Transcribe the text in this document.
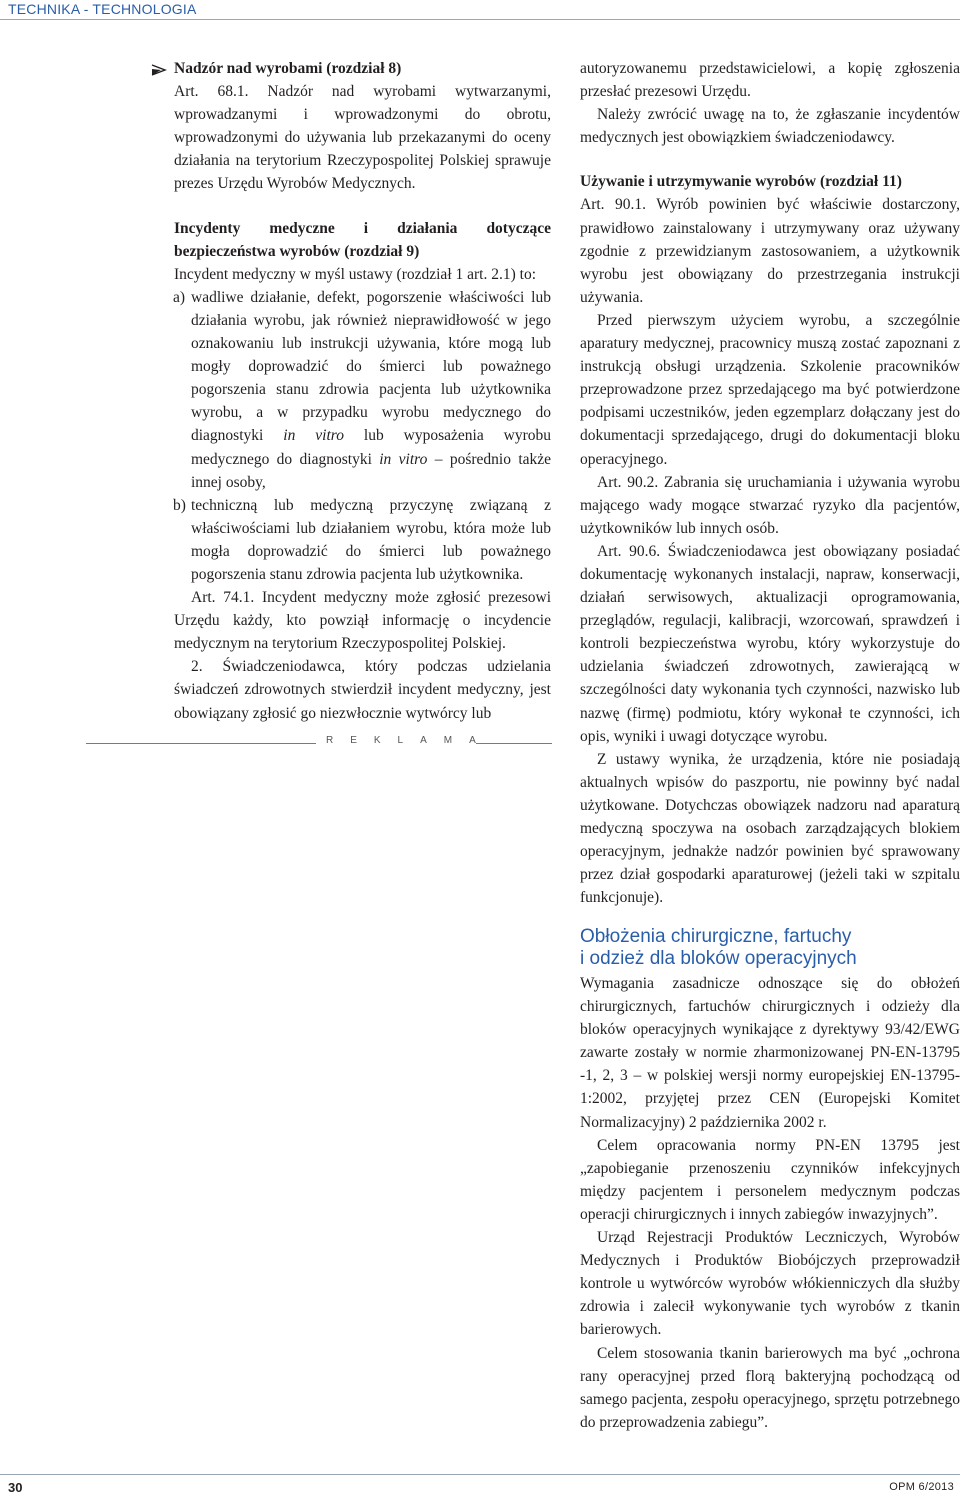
TECHNIKA - TECHNOLOGIA

Nadzór nad wyrobami (rozdział 8)

Art. 68.1. Nadzór nad wyrobami wytwarzanymi, wprowadzanymi i wprowadzonymi do obrotu, wprowadzonymi do używania lub przekazanymi do oceny działania na terytorium Rzeczypospolitej Polskiej sprawuje prezes Urzędu Wyrobów Medycznych.

Incydenty medyczne i działania dotyczące bezpieczeństwa wyrobów (rozdział 9)

Incydent medyczny w myśl ustawy (rozdział 1 art. 2.1) to:

a) wadliwe działanie, defekt, pogorszenie właściwości lub działania wyrobu, jak również nieprawidłowość w jego oznakowaniu lub instrukcji używania, które mogą lub mogły doprowadzić do śmierci lub poważnego pogorszenia stanu zdrowia pacjenta lub użytkownika wyrobu, a w przypadku wyrobu medycznego do diagnostyki in vitro lub wyposażenia wyrobu medycznego do diagnostyki in vitro – pośrednio także innej osoby,
b) techniczną lub medyczną przyczynę związaną z właściwościami lub działaniem wyrobu, która może lub mogła doprowadzić do śmierci lub poważnego pogorszenia stanu zdrowia pacjenta lub użytkownika.

Art. 74.1. Incydent medyczny może zgłosić prezesowi Urzędu każdy, kto powziął informację o incydencie medycznym na terytorium Rzeczypospolitej Polskiej.

2. Świadczeniodawca, który podczas udzielania świadczeń zdrowotnych stwierdził incydent medyczny, jest obowiązany zgłosić go niezwłocznie wytwórcy lub

REKLAMA

autoryzowanemu przedstawicielowi, a kopię zgłoszenia przesłać prezesowi Urzędu.

Należy zwrócić uwagę na to, że zgłaszanie incydentów medycznych jest obowiązkiem świadczeniodawcy.

Używanie i utrzymywanie wyrobów (rozdział 11)

Art. 90.1. Wyrób powinien być właściwie dostarczony, prawidłowo zainstalowany i utrzymywany oraz używany zgodnie z przewidzianym zastosowaniem, a użytkownik wyrobu jest obowiązany do przestrzegania instrukcji używania.

Przed pierwszym użyciem wyrobu, a szczególnie aparatury medycznej, pracownicy muszą zostać zapoznani z instrukcją obsługi urządzenia. Szkolenie pracowników przeprowadzone przez sprzedającego ma być potwierdzone podpisami uczestników, jeden egzemplarz dołączany jest do dokumentacji sprzedającego, drugi do dokumentacji bloku operacyjnego.

Art. 90.2. Zabrania się uruchamiania i używania wyrobu mającego wady mogące stwarzać ryzyko dla pacjentów, użytkowników lub innych osób.

Art. 90.6. Świadczeniodawca jest obowiązany posiadać dokumentację wykonanych instalacji, napraw, konserwacji, działań serwisowych, aktualizacji oprogramowania, przeglądów, regulacji, kalibracji, wzorcowań, sprawdzeń i kontroli bezpieczeństwa wyrobu, który wykorzystuje do udzielania świadczeń zdrowotnych, zawierającą w szczególności daty wykonania tych czynności, nazwisko lub nazwę (firmę) podmiotu, który wykonał te czynności, ich opis, wyniki i uwagi dotyczące wyrobu.

Z ustawy wynika, że urządzenia, które nie posiadają aktualnych wpisów do paszportu, nie powinny być nadal użytkowane. Dotychczas obowiązek nadzoru nad aparaturą medyczną spoczywa na osobach zarządzających blokiem operacyjnym, jednakże nadzór powinien być sprawowany przez dział gospodarki aparaturowej (jeżeli taki w szpitalu funkcjonuje).

Obłożenia chirurgiczne, fartuchy
i odzież dla bloków operacyjnych

Wymagania zasadnicze odnoszące się do obłożeń chirurgicznych, fartuchów chirurgicznych i odzieży dla bloków operacyjnych wynikające z dyrektywy 93/42/EWG zawarte zostały w normie zharmonizowanej PN-EN-13795 -1, 2, 3 – w polskiej wersji normy europejskiej EN-13795-1:2002, przyjętej przez CEN (Europejski Komitet Normalizacyjny) 2 października 2002 r.

Celem opracowania normy PN-EN 13795 jest „zapobieganie przenoszeniu czynników infekcyjnych między pacjentem i personelem medycznym podczas operacji chirurgicznych i innych zabiegów inwazyjnych”.

Urząd Rejestracji Produktów Leczniczych, Wyrobów Medycznych i Produktów Biobójczych przeprowadził kontrole u wytwórców wyrobów włókienniczych dla służby zdrowia i zalecił wykonywanie tych wyrobów z tkanin barierowych.

Celem stosowania tkanin barierowych ma być „ochrona rany operacyjnej przed florą bakteryjną pochodzącą od samego pacjenta, zespołu operacyjnego, sprzętu potrzebnego do przeprowadzenia zabiegu”.

30	OPM 6/2013
